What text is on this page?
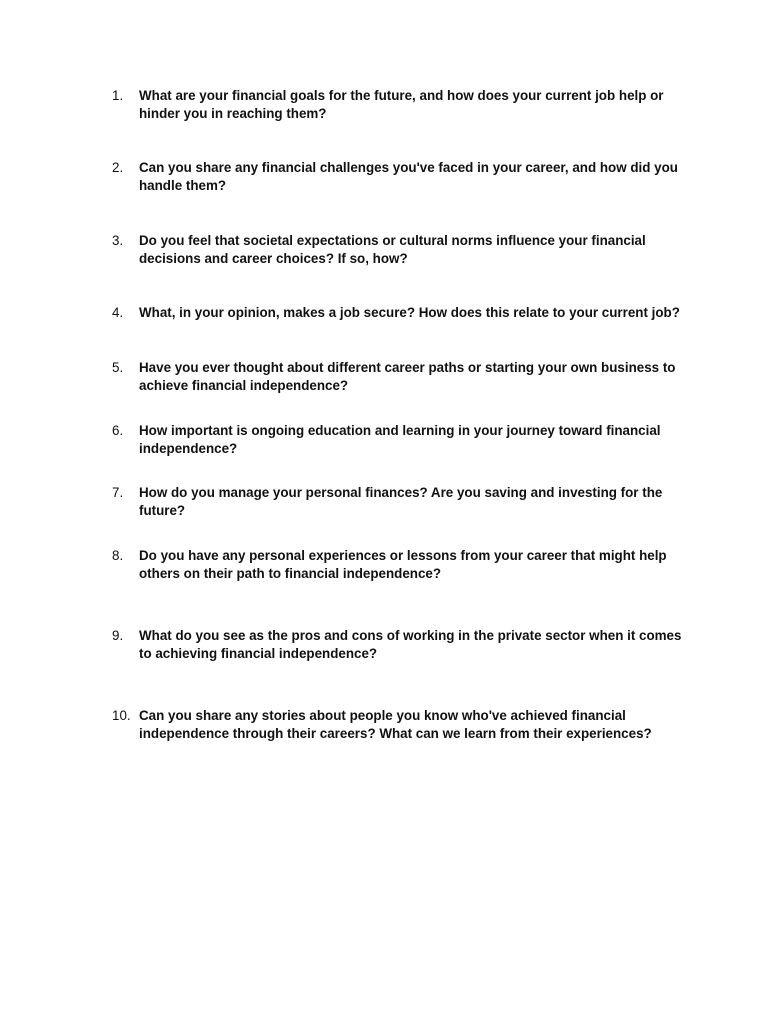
1.	What are your financial goals for the future, and how does your current job help or hinder you in reaching them?
2.	Can you share any financial challenges you've faced in your career, and how did you handle them?
3.	Do you feel that societal expectations or cultural norms influence your financial decisions and career choices? If so, how?
4.	What, in your opinion, makes a job secure? How does this relate to your current job?
5.	Have you ever thought about different career paths or starting your own business to achieve financial independence?
6.	How important is ongoing education and learning in your journey toward financial independence?
7.	How do you manage your personal finances? Are you saving and investing for the future?
8.	Do you have any personal experiences or lessons from your career that might help others on their path to financial independence?
9.	What do you see as the pros and cons of working in the private sector when it comes to achieving financial independence?
10. Can you share any stories about people you know who've achieved financial independence through their careers? What can we learn from their experiences?
